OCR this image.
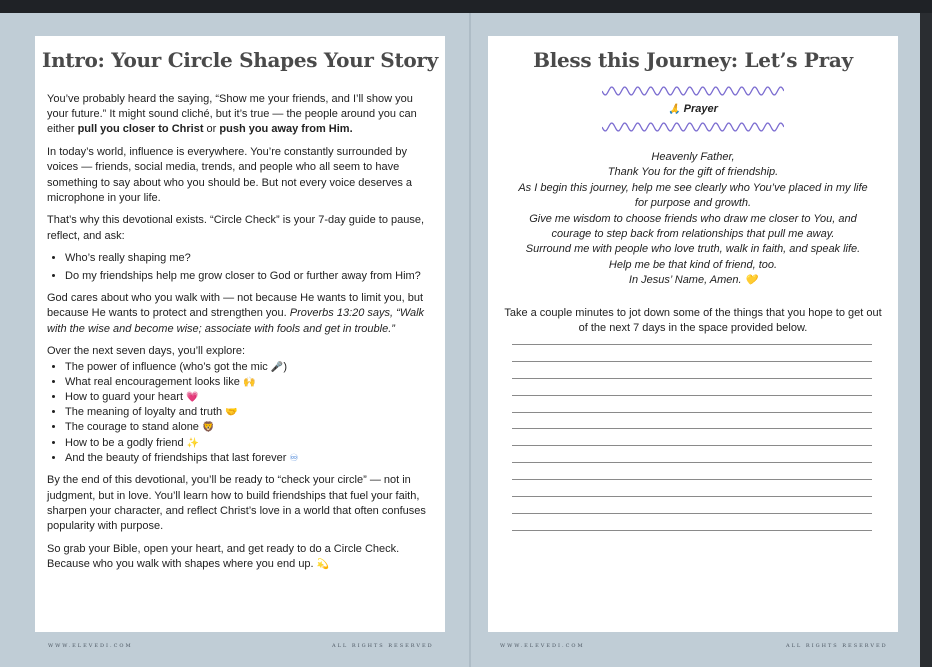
Intro: Your Circle Shapes Your Story

You’ve probably heard the saying, “Show me your friends, and I’ll show you your future.” It might sound cliché, but it’s true — the people around you can either pull you closer to Christ or push you away from Him.

In today’s world, influence is everywhere. You’re constantly surrounded by voices — friends, social media, trends, and people who all seem to have something to say about who you should be. But not every voice deserves a microphone in your life.

That’s why this devotional exists. “Circle Check” is your 7-day guide to pause, reflect, and ask:

• Who’s really shaping me?
• Do my friendships help me grow closer to God or further away from Him?

God cares about who you walk with — not because He wants to limit you, but because He wants to protect and strengthen you. Proverbs 13:20 says, “Walk with the wise and become wise; associate with fools and get in trouble.”

Over the next seven days, you’ll explore:

• The power of influence (who’s got the mic 🎤)
• What real encouragement looks like 🙌
• How to guard your heart 💗
• The meaning of loyalty and truth 🤝
• The courage to stand alone 🦁
• How to be a godly friend ✨
• And the beauty of friendships that last forever ♾

By the end of this devotional, you’ll be ready to “check your circle” — not in judgment, but in love. You’ll learn how to build friendships that fuel your faith, sharpen your character, and reflect Christ’s love in a world that often confuses popularity with purpose.

So grab your Bible, open your heart, and get ready to do a Circle Check. Because who you walk with shapes where you end up. 💫

WWW.ELEVEDI.COM	ALL RIGHTS RESERVED
Bless this Journey: Let’s Pray
🙏 Prayer
Heavenly Father,
Thank You for the gift of friendship.
As I begin this journey, help me see clearly who You’ve placed in my life
for purpose and growth.
Give me wisdom to choose friends who draw me closer to You, and
courage to step back from relationships that pull me away.
Surround me with people who love truth, walk in faith, and speak life.
Help me be that kind of friend, too.
In Jesus’ Name, Amen. 💛
Take a couple minutes to jot down some of the things that you hope to get out of the next 7 days in the space provided below.
WWW.ELEVEDI.COM	ALL RIGHTS RESERVED
